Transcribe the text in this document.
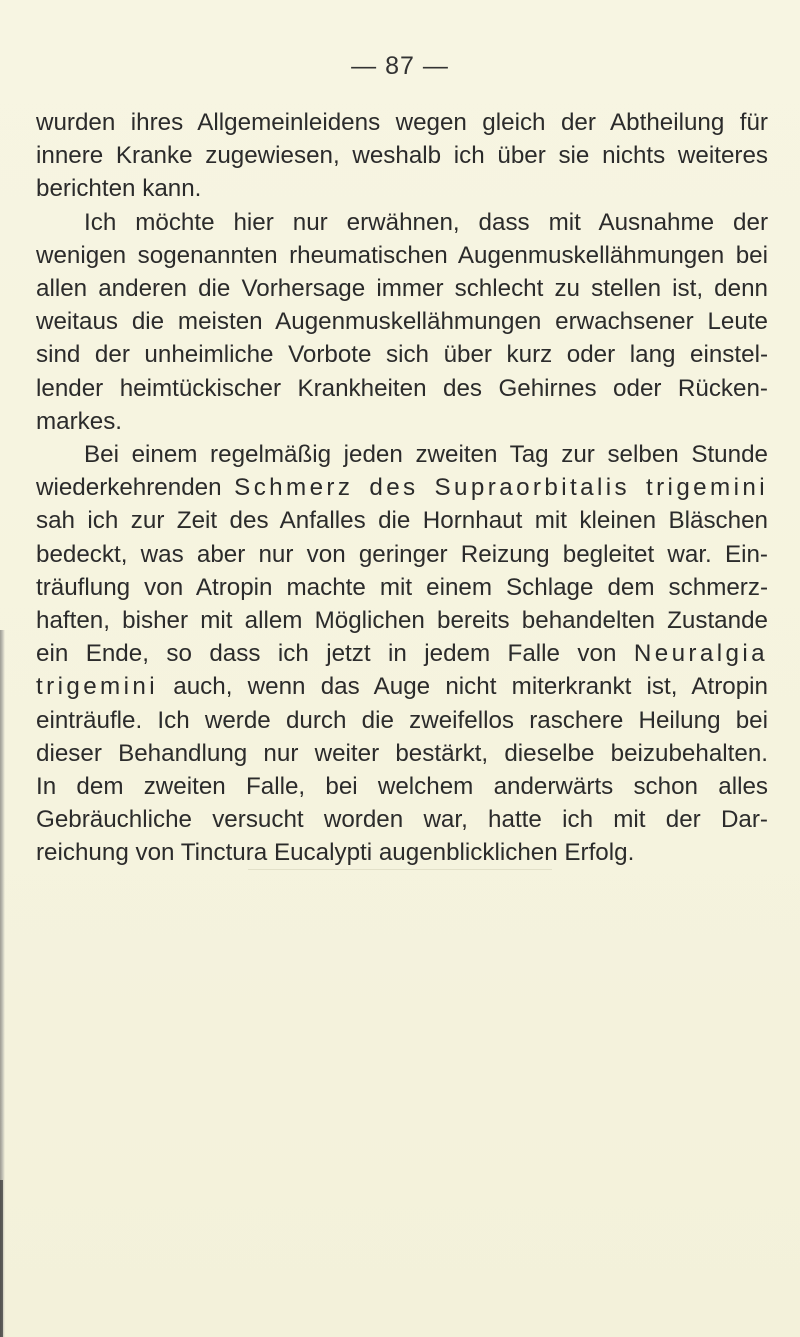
— 87 —
wurden ihres Allgemeinleidens wegen gleich der Abtheilung für
innere Kranke zugewiesen, weshalb ich über sie nichts weiteres
berichten kann.
Ich möchte hier nur erwähnen, dass mit Ausnahme der
wenigen sogenannten rheumatischen Augenmuskellähmungen bei
allen anderen die Vorhersage immer schlecht zu stellen ist, denn
weitaus die meisten Augenmuskellähmungen erwachsener Leute
sind der unheimliche Vorbote sich über kurz oder lang einstel-
lender heimtückischer Krankheiten des Gehirnes oder Rücken-
markes.
Bei einem regelmäßig jeden zweiten Tag zur selben Stunde
wiederkehrenden Schmerz des Supraorbitalis trigemini
sah ich zur Zeit des Anfalles die Hornhaut mit kleinen Bläschen
bedeckt, was aber nur von geringer Reizung begleitet war. Ein-
träuflung von Atropin machte mit einem Schlage dem schmerz-
haften, bisher mit allem Möglichen bereits behandelten Zustande
ein Ende, so dass ich jetzt in jedem Falle von Neuralgia
trigemini auch, wenn das Auge nicht miterkrankt ist, Atropin
einträufle. Ich werde durch die zweifellos raschere Heilung bei
dieser Behandlung nur weiter bestärkt, dieselbe beizubehalten.
In dem zweiten Falle, bei welchem anderwärts schon alles
Gebräuchliche versucht worden war, hatte ich mit der Dar-
reichung von Tinctura Eucalypti augenblicklichen Erfolg.
